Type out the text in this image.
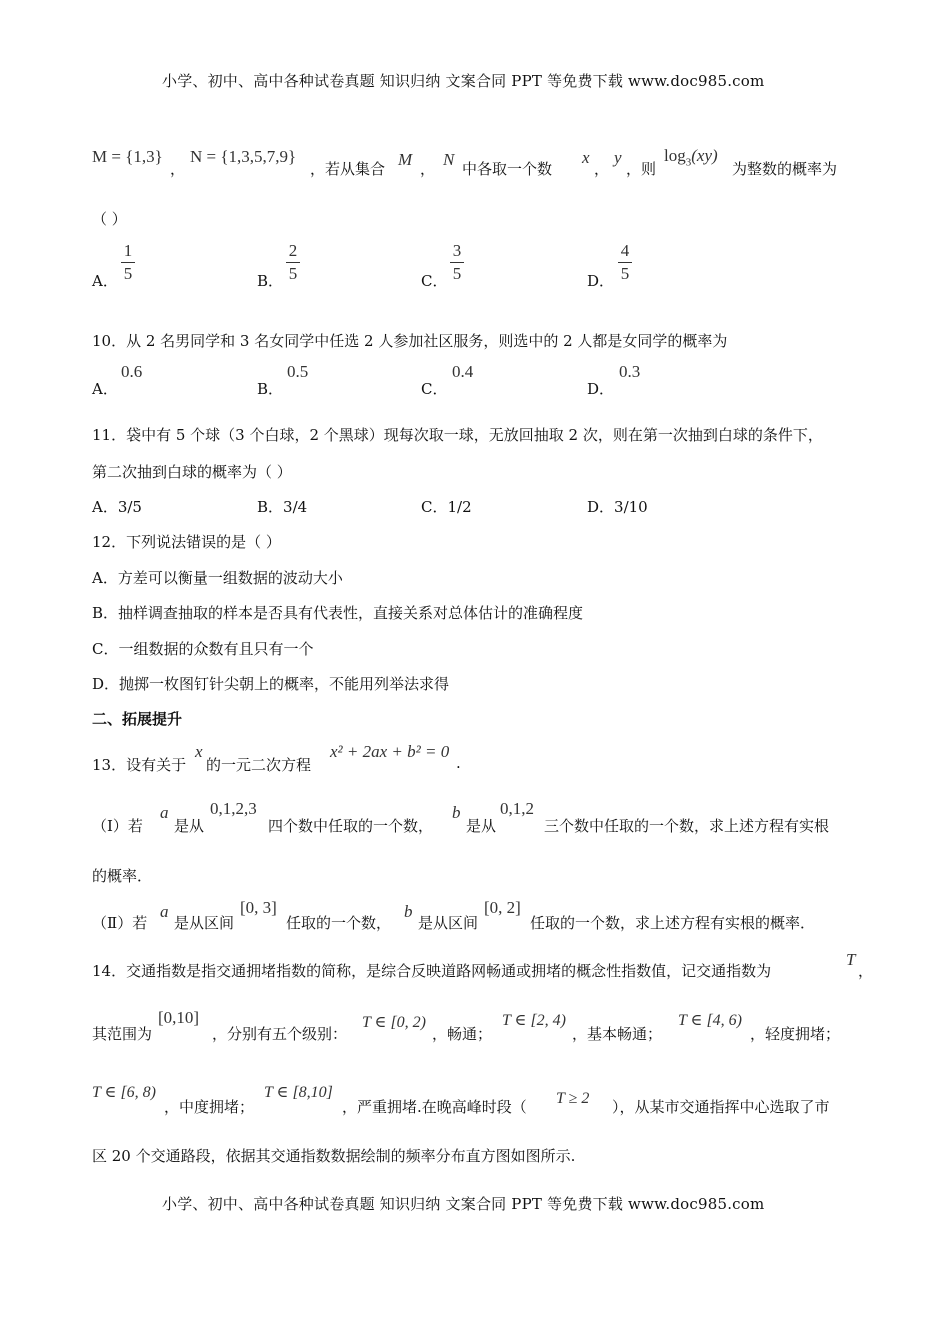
小学、初中、高中各种试卷真题 知识归纳 文案合同 PPT 等免费下载 www.doc985.com
M = {1,3}
，
N = {1,3,5,7,9}
，若从集合 M ， N 中各取一个数
x
，
y
，则
$\log_3(xy)$
为整数的概率为
（ ）
A．
1
5	B．
2
5	C．
3
5	D．
4
5
10．从 2 名男同学和 3 名女同学中任选 2 人参加社区服务，则选中的 2 人都是女同学的概率为
A．
0.6
B．
0.5
C．
0.4
D．
0.3
11．袋中有 5 个球（3 个白球，2 个黑球）现每次取一球，无放回抽取 2 次，则在第一次抽到白球的条件下，
第二次抽到白球的概率为（ ）
A．3/5	B．3/4	C．1/2	D．3/10
12．下列说法错误的是（ ）
A．方差可以衡量一组数据的波动大小
B．抽样调查抽取的样本是否具有代表性，直接关系对总体估计的准确程度
C．一组数据的众数有且只有一个
D．抛掷一枚图钉针尖朝上的概率，不能用列举法求得
二、拓展提升
13．设有关于
x
的一元二次方程
x² + 2ax + b² = 0
.
（Ⅰ）若
a
是从
0,1,2,3
四个数中任取的一个数，
b
是从
0,1,2
三个数中任取的一个数，求上述方程有实根
的概率．
（Ⅱ）若
a
是从区间
[0, 3]
任取的一个数，
b
是从区间
[0, 2]
任取的一个数，求上述方程有实根的概率．
14．交通指数是指交通拥堵指数的简称，是综合反映道路网畅通或拥堵的概念性指数值，记交通指数为
T
，
其范围为
[0,10]
，分别有五个级别：
T ∈ [0, 2)
，畅通；
T ∈ [2, 4)
，基本畅通；
T ∈ [4, 6)
，轻度拥堵；
T ∈ [6, 8)
，中度拥堵；
T ∈ [8,10]
，严重拥堵.在晚高峰时段（ T ≥ 2 ），从某市交通指挥中心选取了市
区 20 个交通路段，依据其交通指数数据绘制的频率分布直方图如图所示.
小学、初中、高中各种试卷真题 知识归纳 文案合同 PPT 等免费下载 www.doc985.com
